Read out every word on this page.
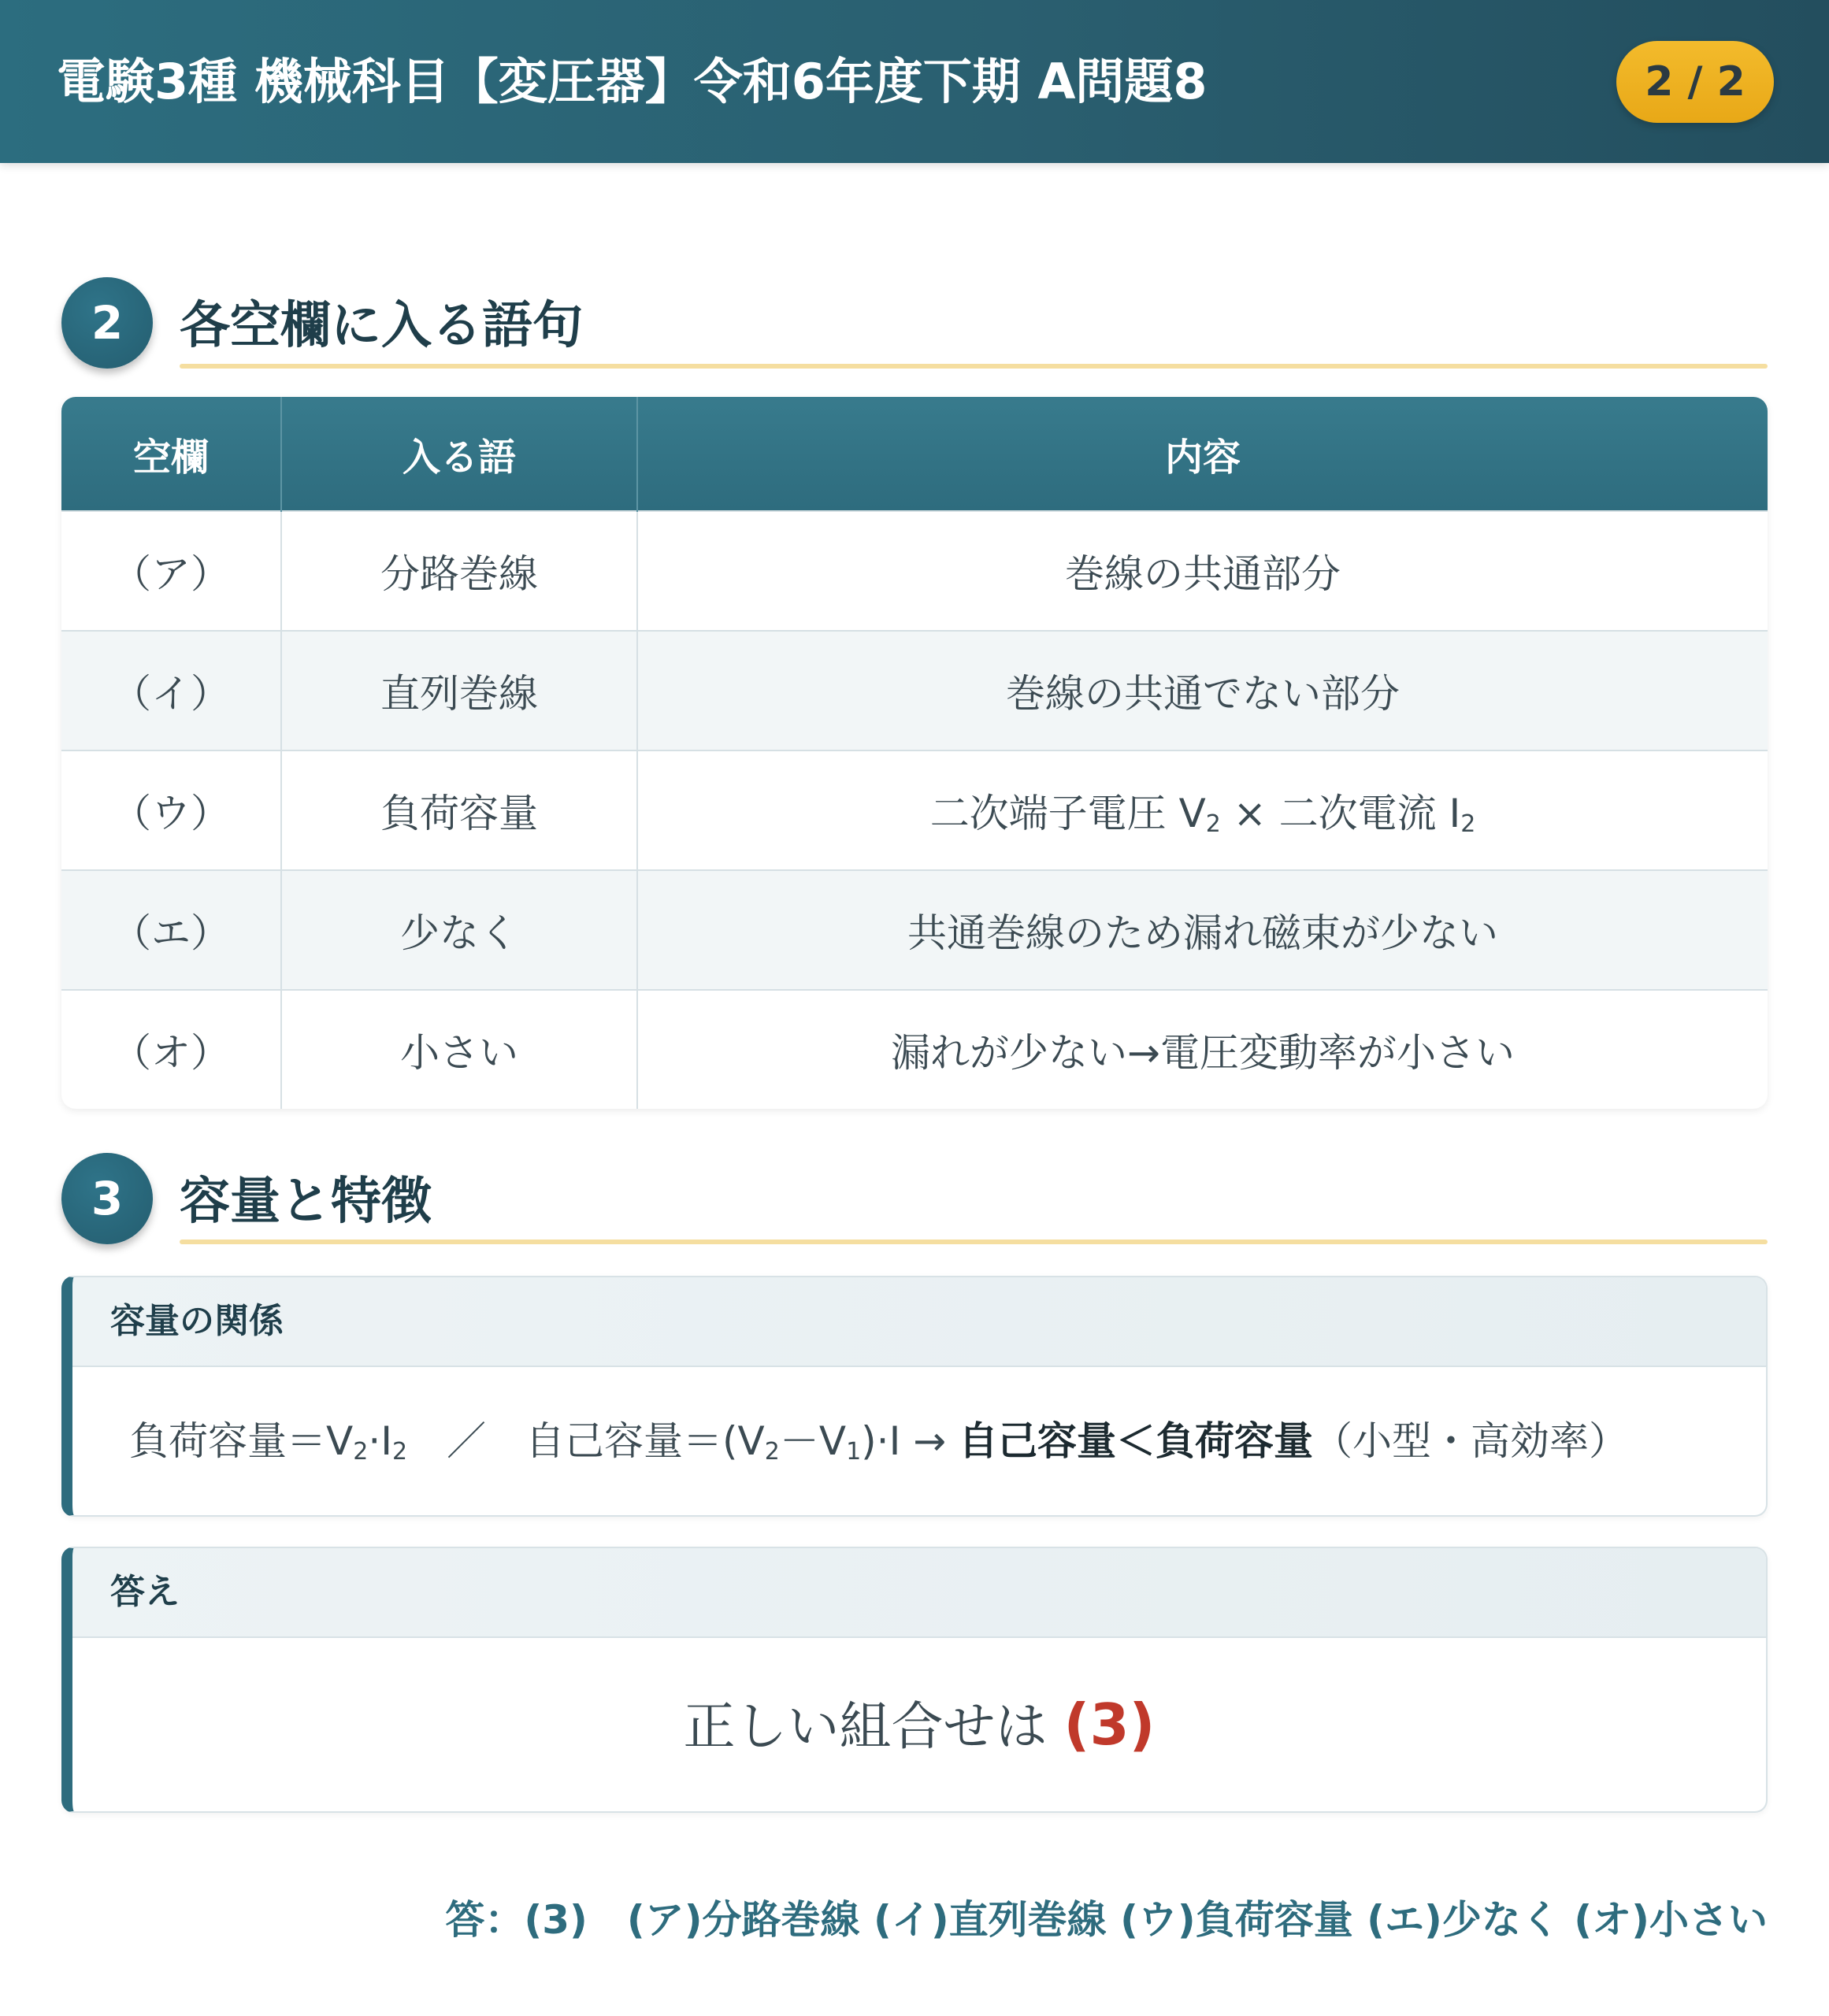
電験3種 機械科目【変圧器】令和6年度下期 A問題8	2 / 2
2	各空欄に入る語句
空欄	入る語	内容
（ア）	分路巻線	巻線の共通部分
（イ）	直列巻線	巻線の共通でない部分
（ウ）	負荷容量	二次端子電圧 $V_2$ × 二次電流 $I_2$
（エ）	少なく	共通巻線のため漏れ磁束が少ない
（オ）	小さい	漏れが少ない→電圧変動率が小さい
3	容量と特徴
容量の関係
負荷容量$=V_2\cdot I_2$　／　自己容量$=(V_2-V_1)\cdot I$ → 自己容量＜負荷容量（小型・高効率）
答え
正しい組合せは (3)
答：(3)　(ア)分路巻線 (イ)直列巻線 (ウ)負荷容量 (エ)少なく (オ)小さい
